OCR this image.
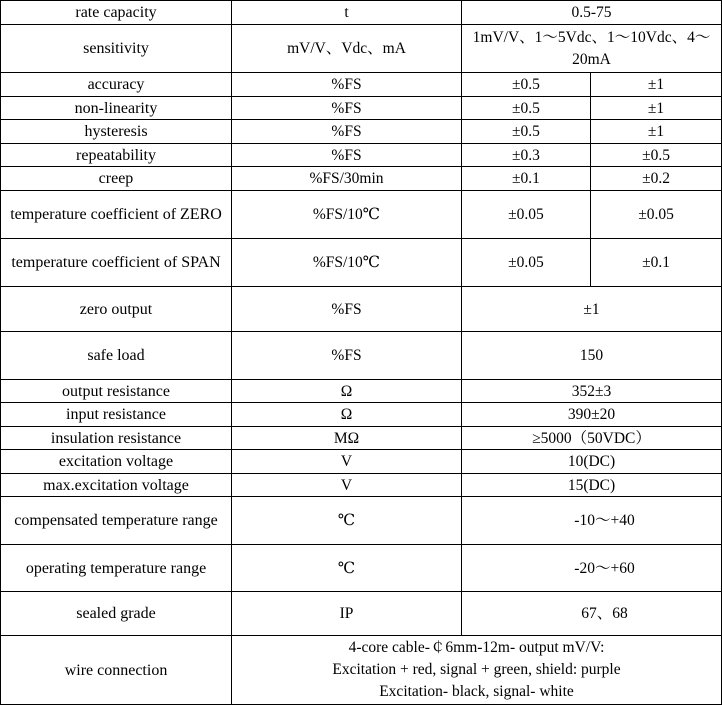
rate capacity	t	0.5-75	
sensitivity	mV/V、Vdc、mA	1mV/V、1～5Vdc、1～10Vdc、4～20mA	
accuracy	%FS	±0.5	±1
non-linearity	%FS	±0.5	±1
hysteresis	%FS	±0.5	±1
repeatability	%FS	±0.3	±0.5
creep	%FS/30min	±0.1	±0.2
temperature coefficient of ZERO	%FS/10℃	±0.05	±0.05
temperature coefficient of SPAN	%FS/10℃	±0.05	±0.1
zero output	%FS	±1	
safe load	%FS	150	
output resistance	Ω	352±3	
input resistance	Ω	390±20	
insulation resistance	MΩ	≥5000（50VDC）	
excitation voltage	V	10(DC)	
max.excitation voltage	V	15(DC)	
compensated temperature range	℃	-10～+40	
operating temperature range	℃	-20～+60	
sealed grade	IP	67、68	
wire connection	4-core cable-￠6mm-12m- output mV/V:
Excitation + red, signal + green, shield: purple
Excitation- black, signal- white		
